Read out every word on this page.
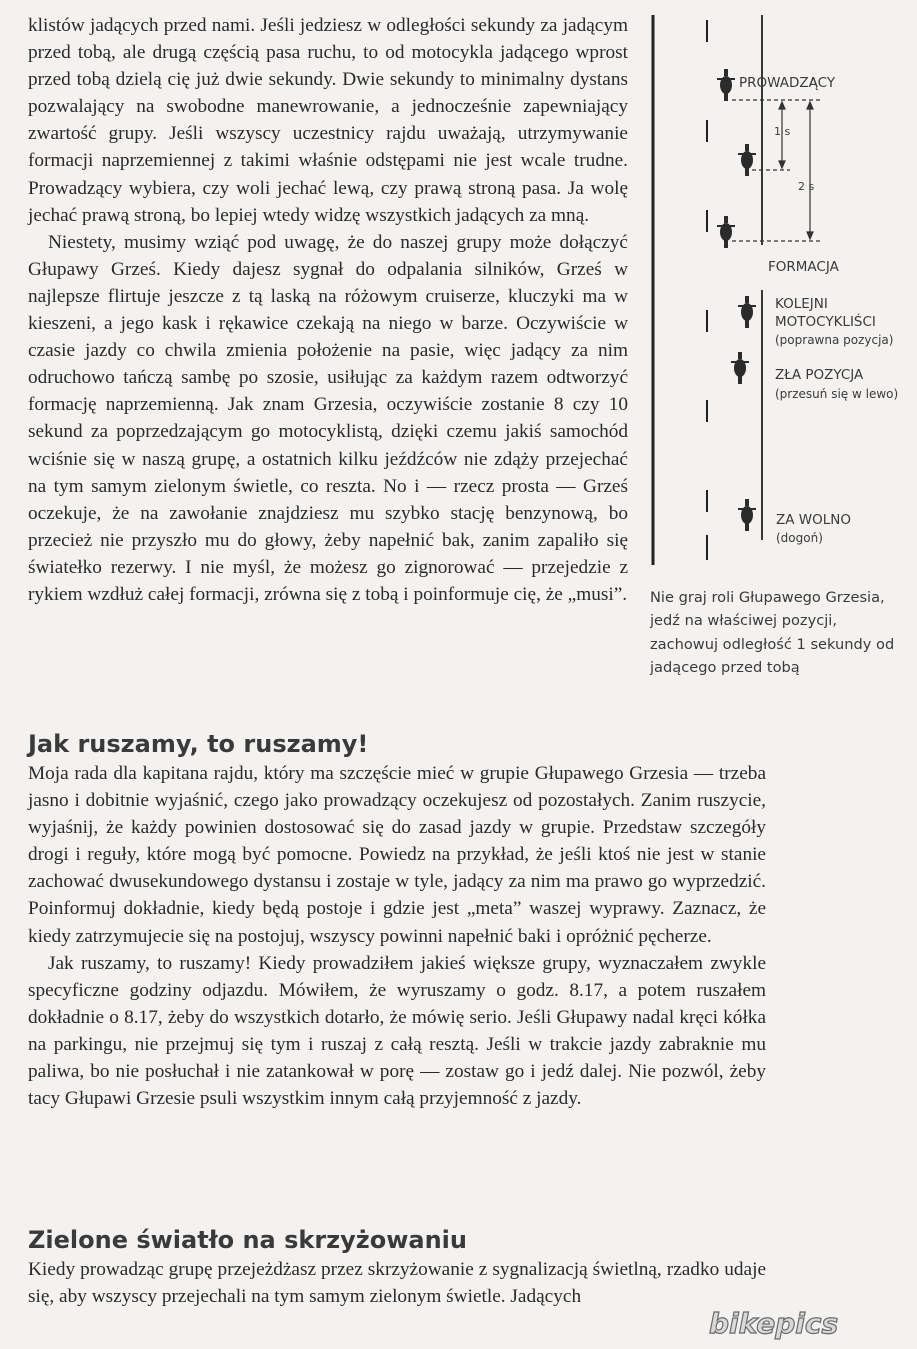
klistów jadących przed nami. Jeśli jedziesz w odległości sekundy za jadącym przed tobą, ale drugą częścią pasa ruchu, to od motocykla jadącego wprost przed tobą dzielą cię już dwie sekundy. Dwie sekundy to minimalny dystans pozwalający na swobodne manewrowanie, a jednocześnie zapewniający zwartość grupy. Jeśli wszyscy uczestnicy rajdu uważają, utrzymywanie formacji naprzemiennej z takimi właśnie odstępami nie jest wcale trudne. Prowadzący wybiera, czy woli jechać lewą, czy prawą stroną pasa. Ja wolę jechać prawą stroną, bo lepiej wtedy widzę wszystkich jadących za mną.

Niestety, musimy wziąć pod uwagę, że do naszej grupy może dołączyć Głupawy Grześ. Kiedy dajesz sygnał do odpalania silników, Grześ w najlepsze flirtuje jeszcze z tą laską na różowym cruiserze, kluczyki ma w kieszeni, a jego kask i rękawice czekają na niego w barze. Oczywiście w czasie jazdy co chwila zmienia położenie na pasie, więc jadący za nim odruchowo tańczą sambę po szosie, usiłując za każdym razem odtworzyć formację naprzemienną. Jak znam Grzesia, oczywiście zostanie 8 czy 10 sekund za poprzedzającym go motocyklistą, dzięki czemu jakiś samochód wciśnie się w naszą grupę, a ostatnich kilku jeźdźców nie zdąży przejechać na tym samym zielonym świetle, co reszta. No i — rzecz prosta — Grześ oczekuje, że na zawołanie znajdziesz mu szybko stację benzynową, bo przecież nie przyszło mu do głowy, żeby napełnić bak, zanim zapaliło się światełko rezerwy. I nie myśl, że możesz go zignorować — przejedzie z rykiem wzdłuż całej formacji, zrówna się z tobą i poinformuje cię, że „musi”.

PROWADZĄCY
1 s
2 s
FORMACJA
KOLEJNI
MOTOCYKLIŚCI
(poprawna pozycja)
ZŁA POZYCJA
(przesuń się w lewo)
ZA WOLNO
(dogoń)
Nie graj roli Głupawego Grzesia,
jedź na właściwej pozycji,
zachowuj odległość 1 sekundy od
jadącego przed tobą
Jak ruszamy, to ruszamy!

Moja rada dla kapitana rajdu, który ma szczęście mieć w grupie Głupawego Grzesia — trzeba jasno i dobitnie wyjaśnić, czego jako prowadzący oczekujesz od pozostałych. Zanim ruszycie, wyjaśnij, że każdy powinien dostosować się do zasad jazdy w grupie. Przedstaw szczegóły drogi i reguły, które mogą być pomocne. Powiedz na przykład, że jeśli ktoś nie jest w stanie zachować dwusekundowego dystansu i zostaje w tyle, jadący za nim ma prawo go wyprzedzić. Poinformuj dokładnie, kiedy będą postoje i gdzie jest „meta” waszej wyprawy. Zaznacz, że kiedy zatrzymujecie się na postojuj, wszyscy powinni napełnić baki i opróżnić pęcherze.

Jak ruszamy, to ruszamy! Kiedy prowadziłem jakieś większe grupy, wyznaczałem zwykle specyficzne godziny odjazdu. Mówiłem, że wyruszamy o godz. 8.17, a potem ruszałem dokładnie o 8.17, żeby do wszystkich dotarło, że mówię serio. Jeśli Głupawy nadal kręci kółka na parkingu, nie przejmuj się tym i ruszaj z całą resztą. Jeśli w trakcie jazdy zabraknie mu paliwa, bo nie posłuchał i nie zatankował w porę — zostaw go i jedź dalej. Nie pozwól, żeby tacy Głupawi Grzesie psuli wszystkim innym całą przyjemność z jazdy.

Zielone światło na skrzyżowaniu

Kiedy prowadząc grupę przejeżdżasz przez skrzyżowanie z sygnalizacją świetlną, rzadko udaje się, aby wszyscy przejechali na tym samym zielonym świetle. Jadących

bikepics
